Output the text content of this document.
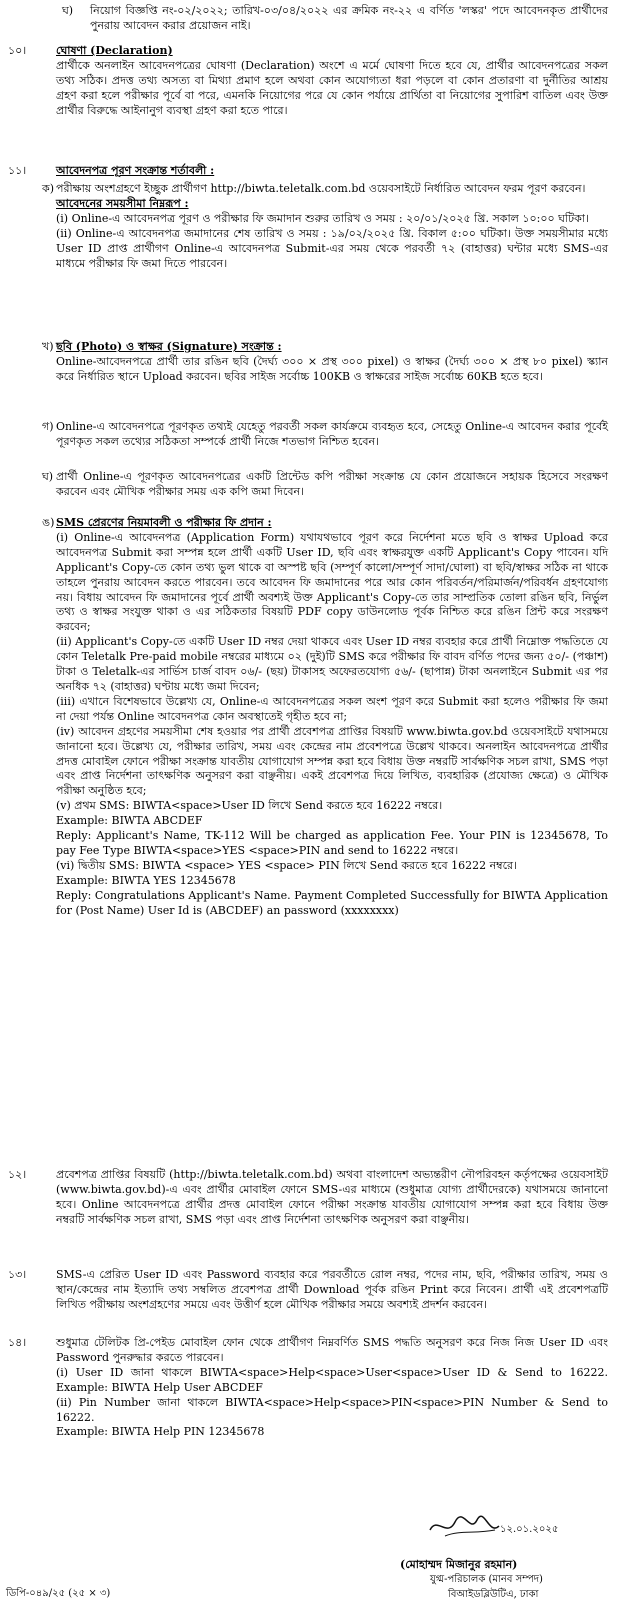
ঘ) নিয়োগ বিজ্ঞপ্তি নং-০২/২০২২; তারিখ-০৩/০৪/২০২২ এর ক্রমিক নং-২২ এ বর্ণিত 'লস্কর' পদে আবেদনকৃত প্রার্থীদের পুনরায় আবেদন করার প্রয়োজন নাই।
১০।	ঘোষণা (Declaration)
প্রার্থীকে অনলাইন আবেদনপত্রের ঘোষণা (Declaration) অংশে এ মর্মে ঘোষণা দিতে হবে যে, প্রার্থীর আবেদনপত্রের সকল তথ্য সঠিক। প্রদত্ত তথ্য অসত্য বা মিথ্যা প্রমাণ হলে অথবা কোন অযোগ্যতা ধরা পড়লে বা কোন প্রতারণা বা দুর্নীতির আশ্রয় গ্রহণ করা হলে পরীক্ষার পূর্বে বা পরে, এমনকি নিয়োগের পরে যে কোন পর্যায়ে প্রার্থিতা বা নিয়োগের সুপারিশ বাতিল এবং উক্ত প্রার্থীর বিরুদ্ধে আইনানুগ ব্যবস্থা গ্রহণ করা হতে পারে।
১১।	আবেদনপত্র পূরণ সংক্রান্ত শর্তাবলী :
ক) পরীক্ষায় অংশগ্রহণে ইচ্ছুক প্রার্থীগণ http://biwta.teletalk.com.bd ওয়েবসাইটে নির্ধারিত আবেদন ফরম পূরণ করবেন।
আবেদনের সময়সীমা নিম্নরূপ :
(i) Online-এ আবেদনপত্র পূরণ ও পরীক্ষার ফি জমাদান শুরুর তারিখ ও সময় : ২০/০১/২০২৫ খ্রি. সকাল ১০:০০ ঘটিকা।
(ii) Online-এ আবেদনপত্র জমাদানের শেষ তারিখ ও সময় : ১৯/০২/২০২৫ খ্রি. বিকাল ৫:০০ ঘটিকা। উক্ত সময়সীমার মধ্যে User ID প্রাপ্ত প্রার্থীগণ Online-এ আবেদনপত্র Submit-এর সময় থেকে পরবর্তী ৭২ (বাহাত্তর) ঘন্টার মধ্যে SMS-এর মাধ্যমে পরীক্ষার ফি জমা দিতে পারবেন।
খ) ছবি (Photo) ও স্বাক্ষর (Signature) সংক্রান্ত :
Online-আবেদনপত্রে প্রার্থী তার রঙিন ছবি (দৈর্ঘ্য ৩০০ × প্রস্থ ৩০০ pixel) ও স্বাক্ষর (দৈর্ঘ্য ৩০০ × প্রস্থ ৮০ pixel) স্ক্যান করে নির্ধারিত স্থানে Upload করবেন। ছবির সাইজ সর্বোচ্চ 100KB ও স্বাক্ষরের সাইজ সর্বোচ্চ 60KB হতে হবে।
গ) Online-এ আবেদনপত্রে পূরণকৃত তথ্যই যেহেতু পরবর্তী সকল কার্যক্রমে ব্যবহৃত হবে, সেহেতু Online-এ আবেদন করার পূর্বেই পূরণকৃত সকল তথ্যের সঠিকতা সম্পর্কে প্রার্থী নিজে শতভাগ নিশ্চিত হবেন।
ঘ) প্রার্থী Online-এ পূরণকৃত আবেদনপত্রের একটি প্রিন্টেড কপি পরীক্ষা সংক্রান্ত যে কোন প্রয়োজনে সহায়ক হিসেবে সংরক্ষণ করবেন এবং মৌখিক পরীক্ষার সময় এক কপি জমা দিবেন।
ঙ) SMS প্রেরণের নিয়মাবলী ও পরীক্ষার ফি প্রদান :
(i) Online-এ আবেদনপত্র (Application Form) যথাযথভাবে পূরণ করে নির্দেশনা মতে ছবি ও স্বাক্ষর Upload করে আবেদনপত্র Submit করা সম্পন্ন হলে প্রার্থী একটি User ID, ছবি এবং স্বাক্ষরযুক্ত একটি Applicant's Copy পাবেন। যদি Applicant's Copy-তে কোন তথ্য ভুল থাকে বা অস্পষ্ট ছবি (সম্পূর্ণ কালো/সম্পূর্ণ সাদা/ঘোলা) বা ছবি/স্বাক্ষর সঠিক না থাকে তাহলে পুনরায় আবেদন করতে পারবেন। তবে আবেদন ফি জমাদানের পরে আর কোন পরিবর্তন/পরিমার্জন/পরিবর্ধন গ্রহণযোগ্য নয়। বিধায় আবেদন ফি জমাদানের পূর্বে প্রার্থী অবশ্যই উক্ত Applicant's Copy-তে তার সাম্প্রতিক তোলা রঙিন ছবি, নির্ভুল তথ্য ও স্বাক্ষর সংযুক্ত থাকা ও এর সঠিকতার বিষয়টি PDF copy ডাউনলোড পূর্বক নিশ্চিত করে রঙিন প্রিন্ট করে সংরক্ষণ করবেন;
(ii) Applicant's Copy-তে একটি User ID নম্বর দেয়া থাকবে এবং User ID নম্বর ব্যবহার করে প্রার্থী নিম্নোক্ত পদ্ধতিতে যে কোন Teletalk Pre-paid mobile নম্বরের মাধ্যমে ০২ (দুই)টি SMS করে পরীক্ষার ফি বাবদ বর্ণিত পদের জন্য ৫০/- (পঞ্চাশ) টাকা ও Teletalk-এর সার্ভিস চার্জ বাবদ ০৬/- (ছয়) টাকাসহ অফেরতযোগ্য ৫৬/- (ছাপান্ন) টাকা অনলাইনে Submit এর পর অনধিক ৭২ (বাহাত্তর) ঘণ্টায় মধ্যে জমা দিবেন;
(iii) এখানে বিশেষভাবে উল্লেখ্য যে, Online-এ আবেদনপত্রের সকল অংশ পূরণ করে Submit করা হলেও পরীক্ষার ফি জমা না দেয়া পর্যন্ত Online আবেদনপত্র কোন অবস্থাতেই গৃহীত হবে না;
(iv) আবেদন গ্রহণের সময়সীমা শেষ হওয়ার পর প্রার্থী প্রবেশপত্র প্রাপ্তির বিষয়টি www.biwta.gov.bd ওয়েবসাইটে যথাসময়ে জানানো হবে। উল্লেখ্য যে, পরীক্ষার তারিখ, সময় এবং কেন্দ্রের নাম প্রবেশপত্রে উল্লেখ থাকবে। অনলাইন আবেদনপত্রে প্রার্থীর প্রদত্ত মোবাইল ফোনে পরীক্ষা সংক্রান্ত যাবতীয় যোগাযোগ সম্পন্ন করা হবে বিধায় উক্ত নম্বরটি সার্বক্ষণিক সচল রাখা, SMS পড়া এবং প্রাপ্ত নির্দেশনা তাৎক্ষণিক অনুসরণ করা বাঞ্ছনীয়। একই প্রবেশপত্র দিয়ে লিখিত, ব্যবহারিক (প্রযোজ্য ক্ষেত্রে) ও মৌখিক পরীক্ষা অনুষ্ঠিত হবে;
(v) প্রথম SMS: BIWTA<space>User ID লিখে Send করতে হবে 16222 নম্বরে।
Example: BIWTA ABCDEF
Reply: Applicant's Name, TK-112 Will be charged as application Fee. Your PIN is 12345678, To pay Fee Type BIWTA<space>YES <space>PIN and send to 16222 নম্বরে।
(vi) দ্বিতীয় SMS: BIWTA <space> YES <space> PIN লিখে Send করতে হবে 16222 নম্বরে।
Example: BIWTA YES 12345678
Reply: Congratulations Applicant's Name. Payment Completed Successfully for BIWTA Application for (Post Name) User Id is (ABCDEF) an password (xxxxxxxx)
১২।	প্রবেশপত্র প্রাপ্তির বিষয়টি (http://biwta.teletalk.com.bd) অথবা বাংলাদেশ অভ্যন্তরীণ নৌপরিবহন কর্তৃপক্ষের ওয়েবসাইট (www.biwta.gov.bd)-এ এবং প্রার্থীর মোবাইল ফোনে SMS-এর মাধ্যমে (শুধুমাত্র যোগ্য প্রার্থীদেরকে) যথাসময়ে জানানো হবে। Online আবেদনপত্রে প্রার্থীর প্রদত্ত মোবাইল ফোনে পরীক্ষা সংক্রান্ত যাবতীয় যোগাযোগ সম্পন্ন করা হবে বিধায় উক্ত নম্বরটি সার্বক্ষণিক সচল রাখা, SMS পড়া এবং প্রাপ্ত নির্দেশনা তাৎক্ষণিক অনুসরণ করা বাঞ্ছনীয়।
১৩।	SMS-এ প্রেরিত User ID এবং Password ব্যবহার করে পরবর্তীতে রোল নম্বর, পদের নাম, ছবি, পরীক্ষার তারিখ, সময় ও স্থান/কেন্দ্রের নাম ইত্যাদি তথ্য সম্বলিত প্রবেশপত্র প্রার্থী Download পূর্বক রঙিন Print করে নিবেন। প্রার্থী এই প্রবেশপত্রটি লিখিত পরীক্ষায় অংশগ্রহণের সময়ে এবং উত্তীর্ণ হলে মৌখিক পরীক্ষার সময়ে অবশ্যই প্রদর্শন করবেন।
১৪।	শুধুমাত্র টেলিটক প্রি-পেইড মোবাইল ফোন থেকে প্রার্থীগণ নিম্নবর্ণিত SMS পদ্ধতি অনুসরণ করে নিজ নিজ User ID এবং Password পুনরুদ্ধার করতে পারবেন।
(i) User ID জানা থাকলে BIWTA<space>Help<space>User<space>User ID & Send to 16222. Example: BIWTA Help User ABCDEF
(ii) Pin Number জানা থাকলে BIWTA<space>Help<space>PIN<space>PIN Number & Send to 16222.
Example: BIWTA Help PIN 12345678
১২.০১.২০২৫
(মোহাম্মদ মিজানুর রহমান)
যুগ্ম-পরিচালক (মানব সম্পদ)
বিআইডব্লিউটিএ, ঢাকা
ডিপি-০৪৯/২৫ (২৫ × ৩)
